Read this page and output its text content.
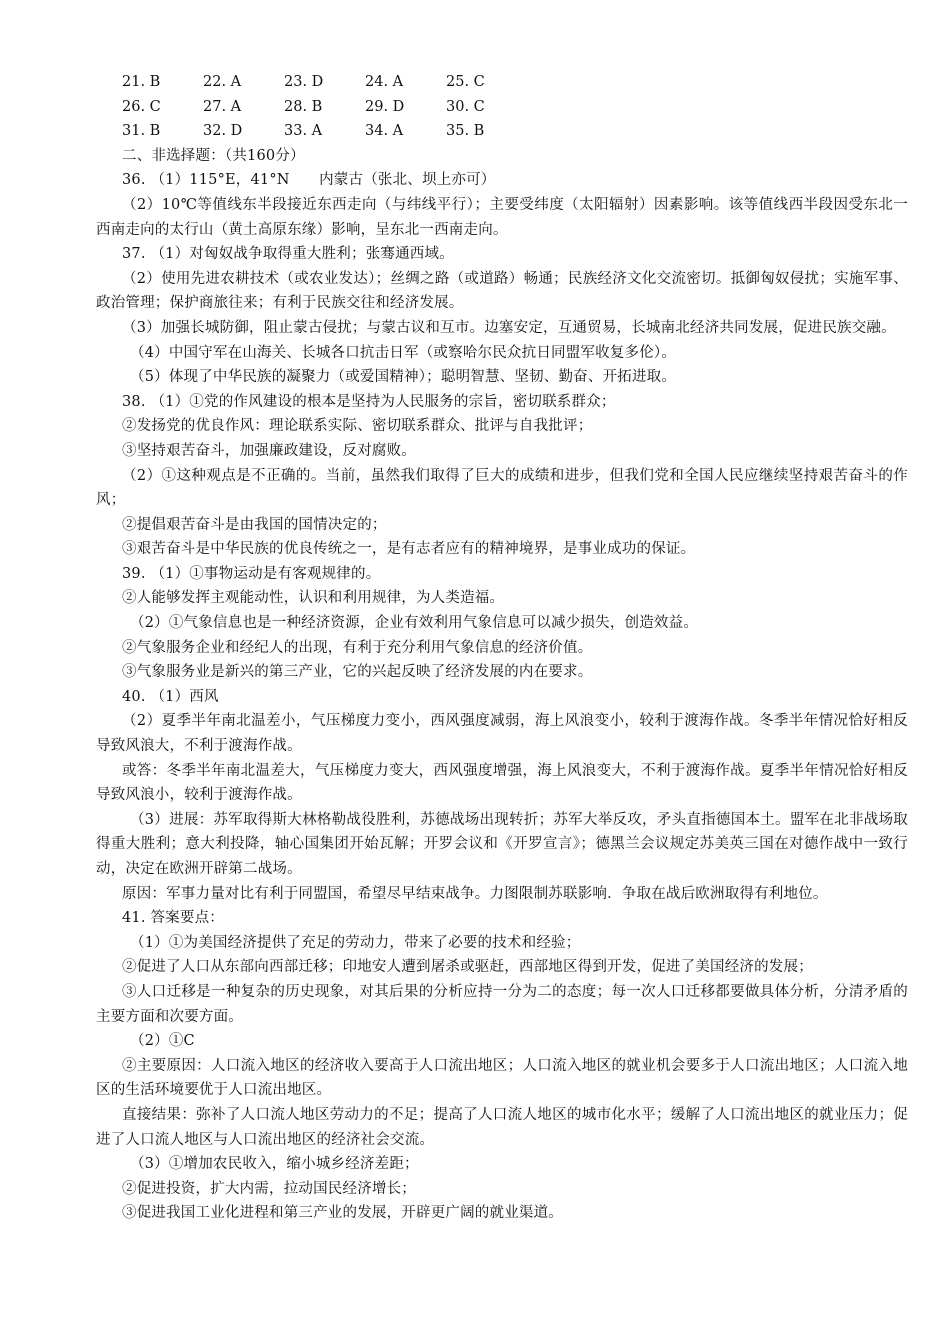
21. B	22. A	23. D	24. A	25. C
26. C	27. A	28. B	29. D	30. C
31. B	32. D	33. A	34. A	35. B

二、非选择题：（共160分）

36. （1）115°E，41°N　　内蒙古（张北、坝上亦可）

（2）10℃等值线东半段接近东西走向（与纬线平行）；主要受纬度（太阳辐射）因素影响。该等值线西半段因受东北一西南走向的太行山（黄土高原东缘）影响，呈东北一西南走向。

37. （1）对匈奴战争取得重大胜利；张骞通西域。

（2）使用先进农耕技术（或农业发达）；丝绸之路（或道路）畅通；民族经济文化交流密切。抵御匈奴侵扰；实施军事、政治管理；保护商旅往来；有利于民族交往和经济发展。

（3）加强长城防御，阻止蒙古侵扰；与蒙古议和互市。边塞安定，互通贸易，长城南北经济共同发展，促进民族交融。

（4）中国守军在山海关、长城各口抗击日军（或察哈尔民众抗日同盟军收复多伦）。

（5）体现了中华民族的凝聚力（或爱国精神）；聪明智慧、坚韧、勤奋、开拓进取。

38. （1）①党的作风建设的根本是坚持为人民服务的宗旨，密切联系群众；

②发扬党的优良作风：理论联系实际、密切联系群众、批评与自我批评；

③坚持艰苦奋斗，加强廉政建设，反对腐败。

（2）①这种观点是不正确的。当前，虽然我们取得了巨大的成绩和进步，但我们党和全国人民应继续坚持艰苦奋斗的作风；

②提倡艰苦奋斗是由我国的国情决定的；

③艰苦奋斗是中华民族的优良传统之一，是有志者应有的精神境界，是事业成功的保证。

39. （1）①事物运动是有客观规律的。

②人能够发挥主观能动性，认识和利用规律，为人类造福。

（2）①气象信息也是一种经济资源，企业有效利用气象信息可以减少损失，创造效益。

②气象服务企业和经纪人的出现，有利于充分利用气象信息的经济价值。

③气象服务业是新兴的第三产业，它的兴起反映了经济发展的内在要求。

40. （1）西风

（2）夏季半年南北温差小，气压梯度力变小，西风强度减弱，海上风浪变小，较利于渡海作战。冬季半年情况恰好相反导致风浪大，不利于渡海作战。

或答：冬季半年南北温差大，气压梯度力变大，西风强度增强，海上风浪变大，不利于渡海作战。夏季半年情况恰好相反导致风浪小，较利于渡海作战。

（3）进展：苏军取得斯大林格勒战役胜利，苏德战场出现转折；苏军大举反攻，矛头直指德国本土。盟军在北非战场取得重大胜利；意大利投降，轴心国集团开始瓦解；开罗会议和《开罗宣言》；德黑兰会议规定苏美英三国在对德作战中一致行动，决定在欧洲开辟第二战场。

原因：军事力量对比有利于同盟国，希望尽早结束战争。力图限制苏联影响．争取在战后欧洲取得有利地位。

41. 答案要点：

（1）①为美国经济提供了充足的劳动力，带来了必要的技术和经验；

②促进了人口从东部向西部迁移；印地安人遭到屠杀或驱赶，西部地区得到开发，促进了美国经济的发展；

③人口迁移是一种复杂的历史现象，对其后果的分析应持一分为二的态度；每一次人口迁移都要做具体分析，分清矛盾的主要方面和次要方面。

（2）①C

②主要原因：人口流入地区的经济收入要高于人口流出地区；人口流入地区的就业机会要多于人口流出地区；人口流入地区的生活环境要优于人口流出地区。

直接结果：弥补了人口流人地区劳动力的不足；提高了人口流人地区的城市化水平；缓解了人口流出地区的就业压力；促进了人口流人地区与人口流出地区的经济社会交流。

（3）①增加农民收入，缩小城乡经济差距；

②促进投资，扩大内需，拉动国民经济增长；

③促进我国工业化进程和第三产业的发展，开辟更广阔的就业渠道。
